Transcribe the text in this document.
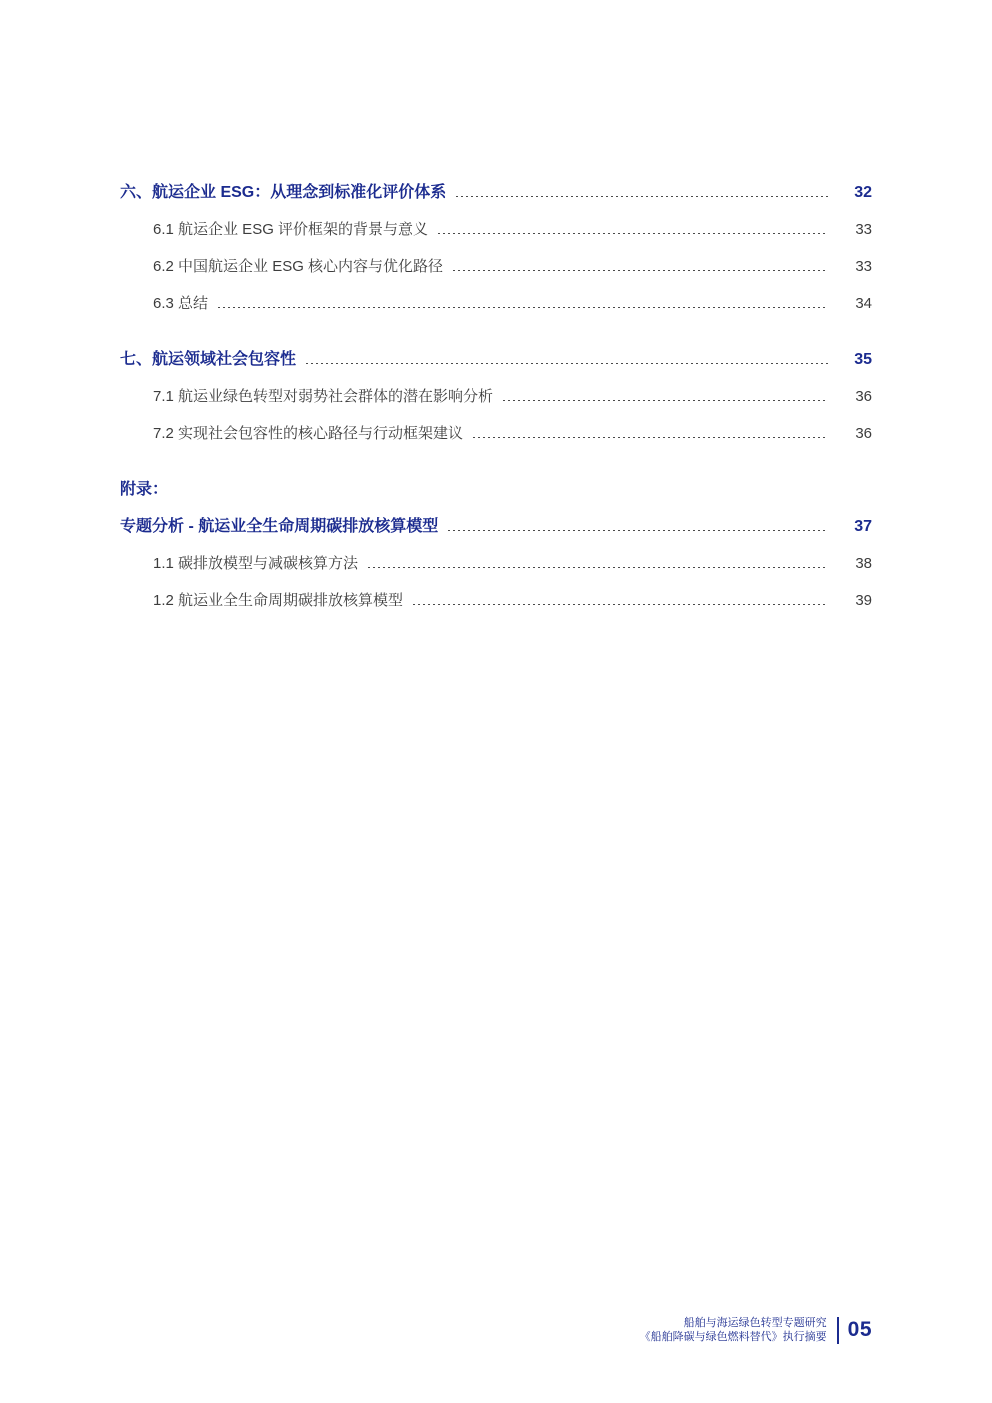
六、航运企业 ESG：从理念到标准化评价体系	32
6.1 航运企业 ESG 评价框架的背景与意义	33
6.2 中国航运企业 ESG 核心内容与优化路径	33
6.3 总结	34
七、航运领域社会包容性	35
7.1 航运业绿色转型对弱势社会群体的潜在影响分析	36
7.2 实现社会包容性的核心路径与行动框架建议	36
附录：
专题分析 - 航运业全生命周期碳排放核算模型	37
1.1 碳排放模型与减碳核算方法	38
1.2 航运业全生命周期碳排放核算模型	39
船舶与海运绿色转型专题研究
《船舶降碳与绿色燃料替代》执行摘要 05
